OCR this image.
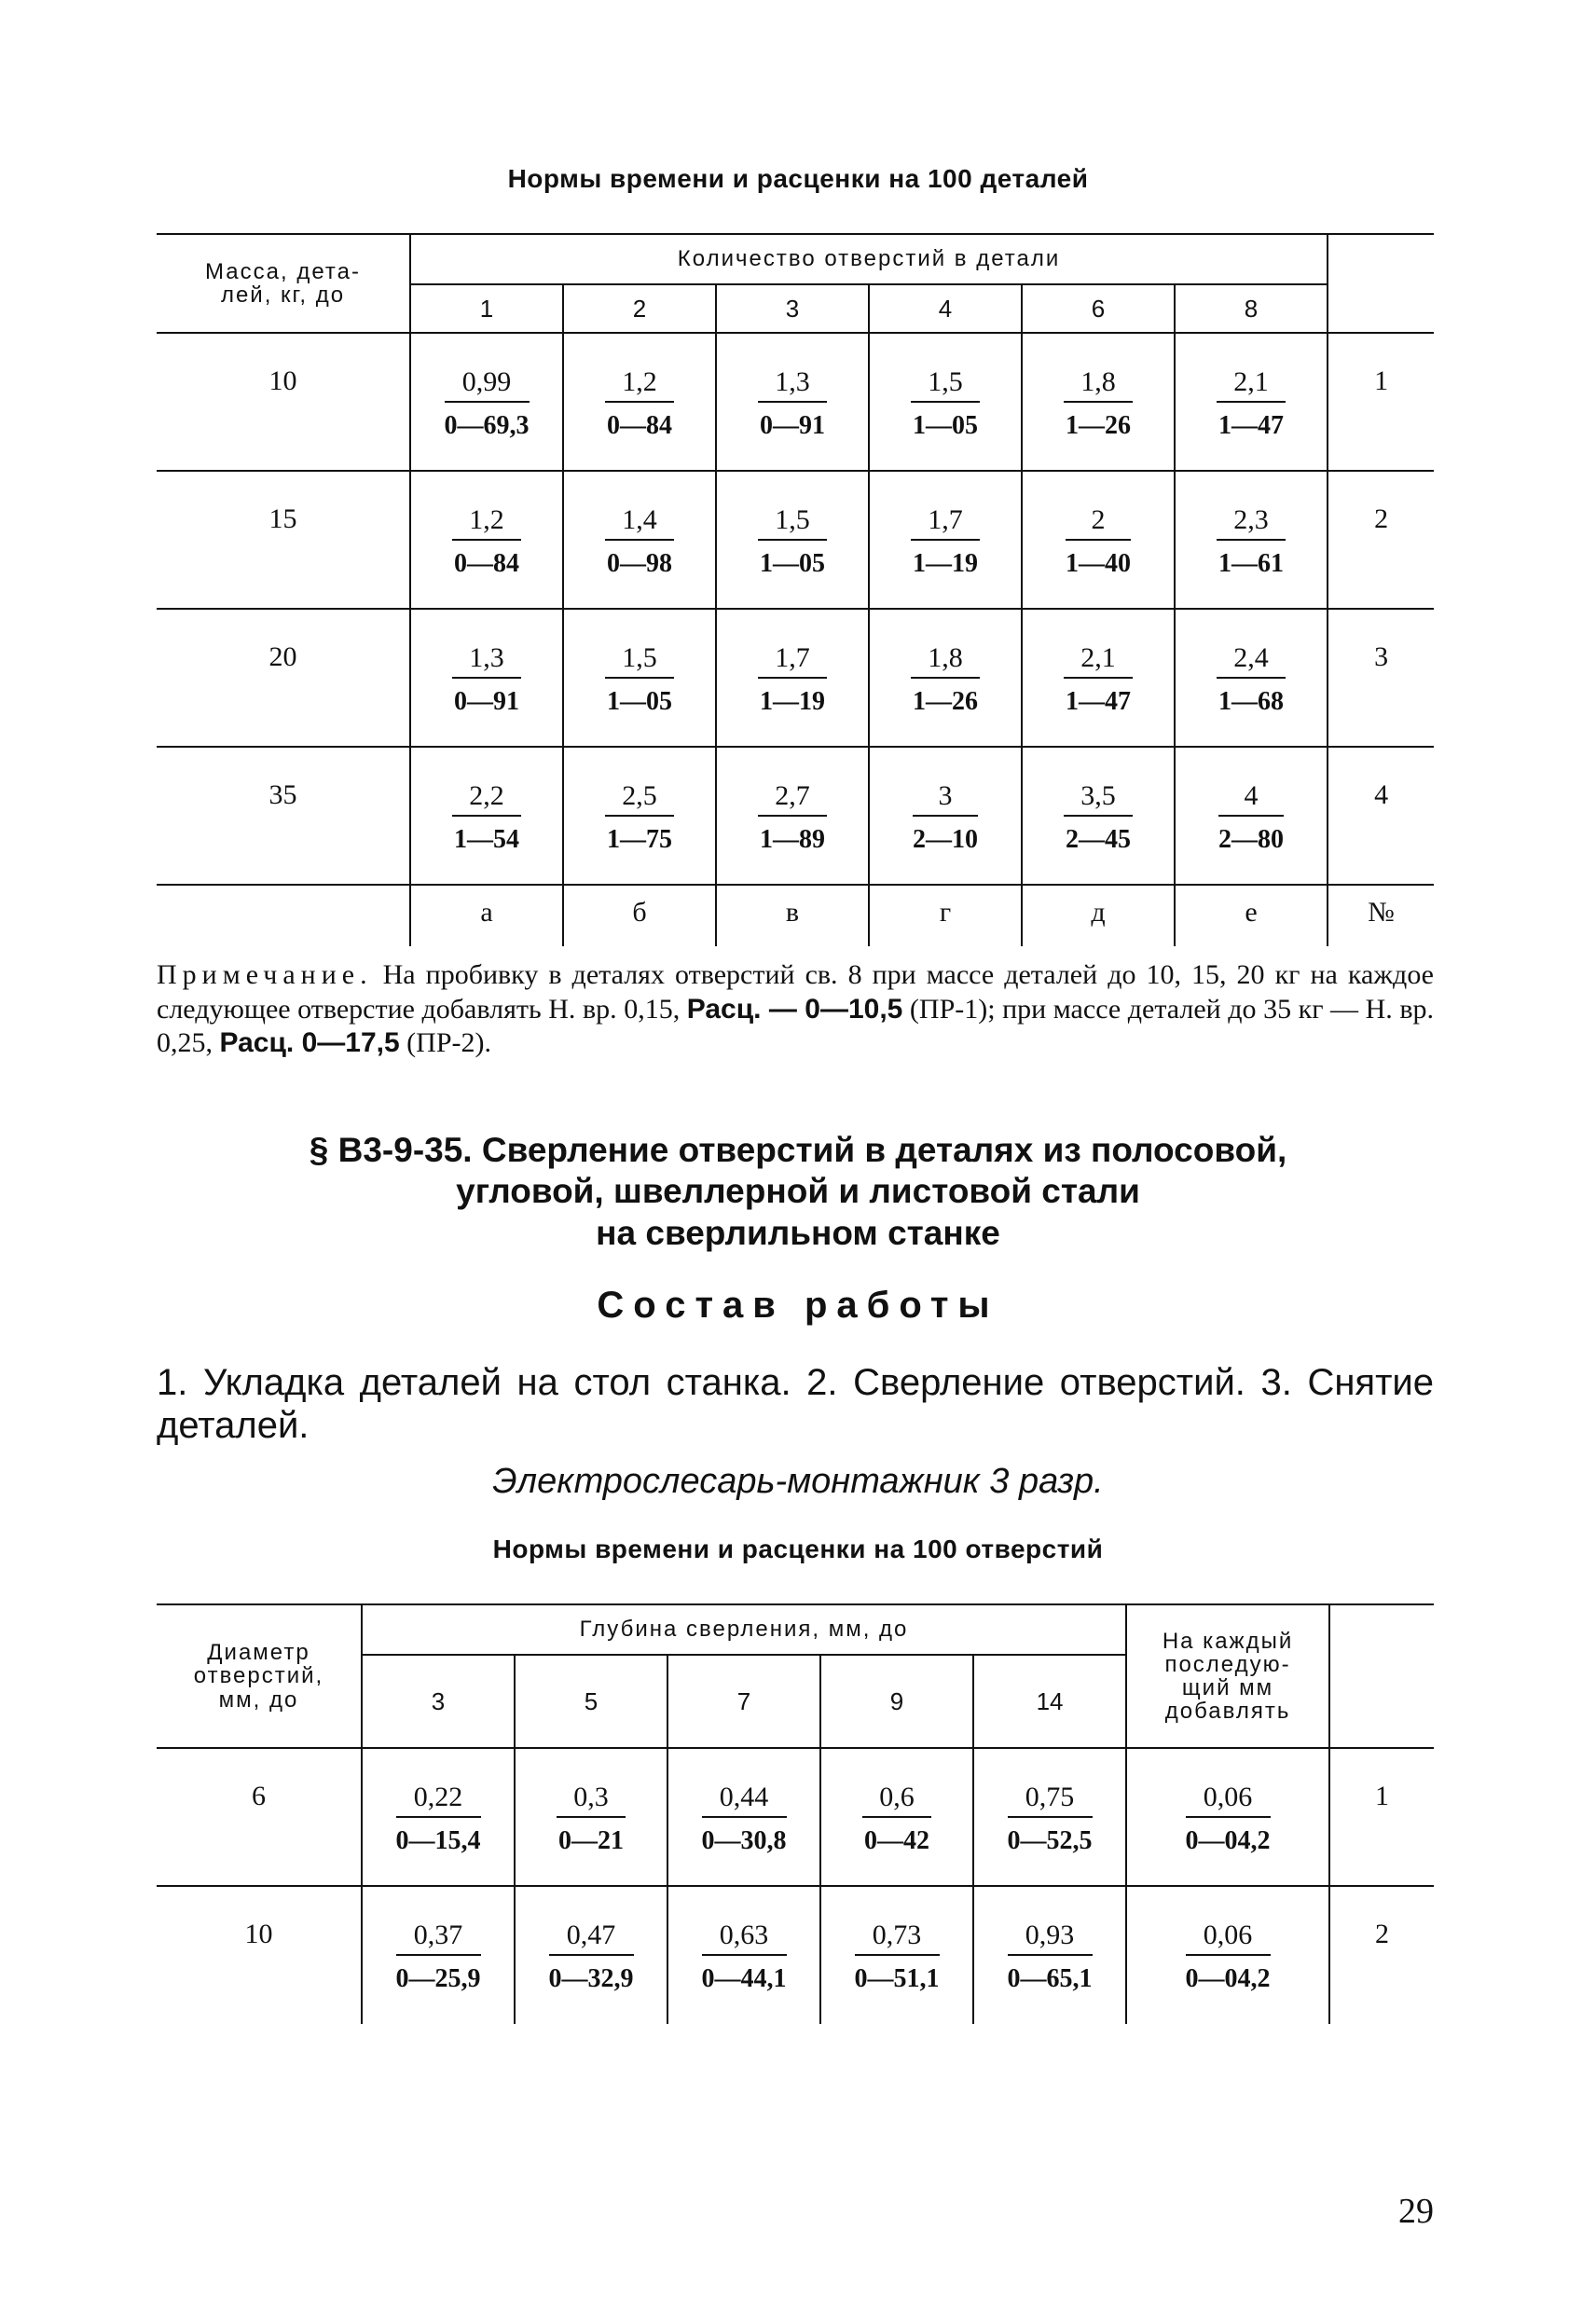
Нормы времени и расценки на 100 деталей
Масса, дета-
лей, кг, до	Количество отверстий в детали						
	1	2	3	4	6	8	
10	$\frac{0,99}{0—69,3}$	$\frac{1,2}{0—84}$	$\frac{1,3}{0—91}$	$\frac{1,5}{1—05}$	$\frac{1,8}{1—26}$	$\frac{2,1}{1—47}$	1
15	$\frac{1,2}{0—84}$	$\frac{1,4}{0—98}$	$\frac{1,5}{1—05}$	$\frac{1,7}{1—19}$	$\frac{2}{1—40}$	$\frac{2,3}{1—61}$	2
20	$\frac{1,3}{0—91}$	$\frac{1,5}{1—05}$	$\frac{1,7}{1—19}$	$\frac{1,8}{1—26}$	$\frac{2,1}{1—47}$	$\frac{2,4}{1—68}$	3
35	$\frac{2,2}{1—54}$	$\frac{2,5}{1—75}$	$\frac{2,7}{1—89}$	$\frac{3}{2—10}$	$\frac{3,5}{2—45}$	$\frac{4}{2—80}$	4
	а	б	в	г	д	е	№
Примечание. На пробивку в деталях отверстий св. 8 при массе деталей до 10, 15, 20 кг на каждое следующее отверстие добавлять Н. вр. 0,15, Расц. — 0—10,5 (ПР-1); при массе деталей до 35 кг — Н. вр. 0,25, Расц. 0—17,5 (ПР-2).
§ В3-9-35. Сверление отверстий в деталях из полосовой,
угловой, швеллерной и листовой стали
на сверлильном станке
Состав работы
1. Укладка деталей на стол станка. 2. Сверление отверстий. 3. Снятие деталей.
Электрослесарь-монтажник 3 разр.
Нормы времени и расценки на 100 отверстий
Диаметр
отверстий,
мм, до	Глубина сверления, мм, до					На каждый
последую-
щий мм
добавлять	
	3	5	7	9	14		
6	$\frac{0,22}{0—15,4}$	$\frac{0,3}{0—21}$	$\frac{0,44}{0—30,8}$	$\frac{0,6}{0—42}$	$\frac{0,75}{0—52,5}$	$\frac{0,06}{0—04,2}$	1
10	$\frac{0,37}{0—25,9}$	$\frac{0,47}{0—32,9}$	$\frac{0,63}{0—44,1}$	$\frac{0,73}{0—51,1}$	$\frac{0,93}{0—65,1}$	$\frac{0,06}{0—04,2}$	2
29
